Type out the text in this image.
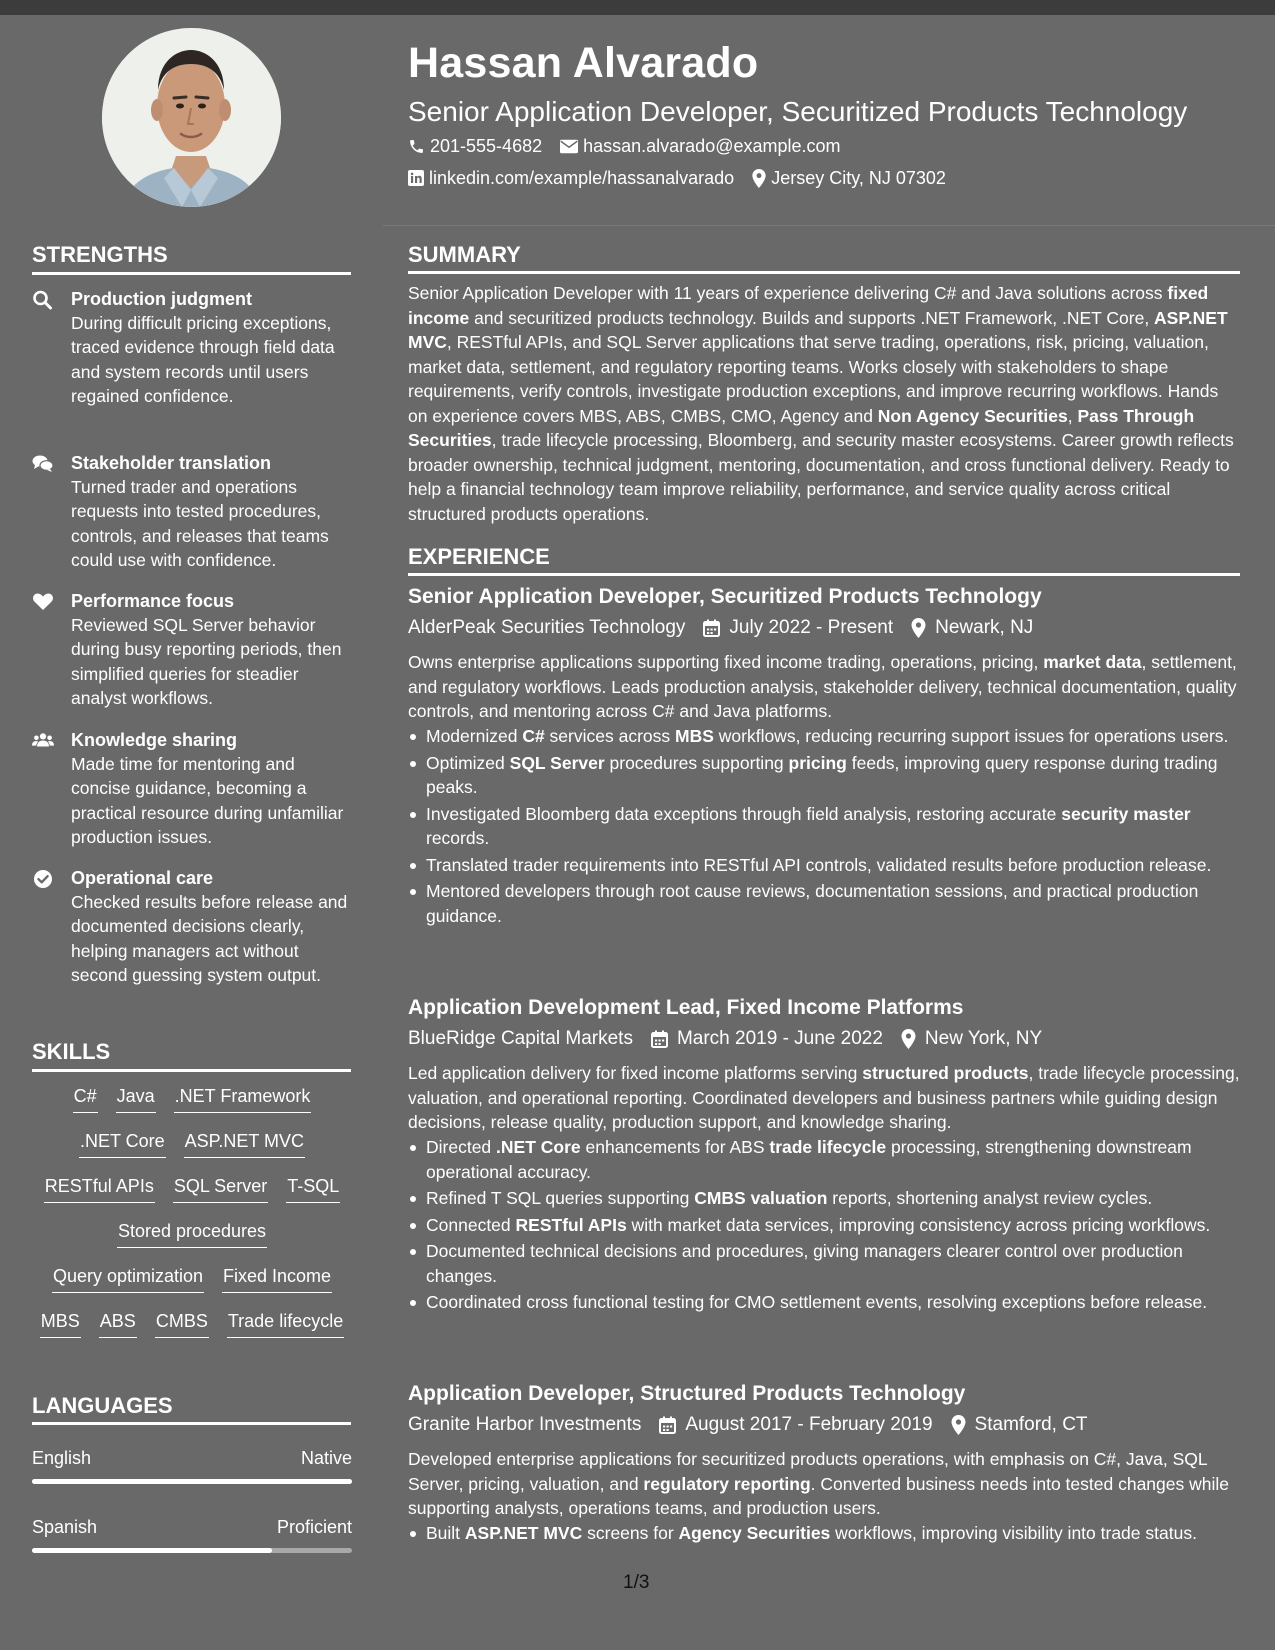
Hassan Alvarado
Senior Application Developer, Securitized Products Technology
201-555-4682 hassan.alvarado@example.com
linkedin.com/example/hassanalvarado Jersey City, NJ 07302
STRENGTHS
Production judgment
During difficult pricing exceptions, traced evidence through field data and system records until users regained confidence.
Stakeholder translation
Turned trader and operations requests into tested procedures, controls, and releases that teams could use with confidence.
Performance focus
Reviewed SQL Server behavior during busy reporting periods, then simplified queries for steadier analyst workflows.
Knowledge sharing
Made time for mentoring and concise guidance, becoming a practical resource during unfamiliar production issues.
Operational care
Checked results before release and documented decisions clearly, helping managers act without second guessing system output.
SKILLS
C# Java .NET Framework
.NET Core ASP.NET MVC
RESTful APIs SQL Server T-SQL
Stored procedures
Query optimization Fixed Income
MBS ABS CMBS Trade lifecycle
LANGUAGES
English	Native
Spanish	Proficient
SUMMARY
Senior Application Developer with 11 years of experience delivering C# and Java solutions across fixed income and securitized products technology. Builds and supports .NET Framework, .NET Core, ASP.NET MVC, RESTful APIs, and SQL Server applications that serve trading, operations, risk, pricing, valuation, market data, settlement, and regulatory reporting teams. Works closely with stakeholders to shape requirements, verify controls, investigate production exceptions, and improve recurring workflows. Hands on experience covers MBS, ABS, CMBS, CMO, Agency and Non Agency Securities, Pass Through Securities, trade lifecycle processing, Bloomberg, and security master ecosystems. Career growth reflects broader ownership, technical judgment, mentoring, documentation, and cross functional delivery. Ready to help a financial technology team improve reliability, performance, and service quality across critical structured products operations.
EXPERIENCE
Senior Application Developer, Securitized Products Technology
AlderPeak Securities Technology July 2022 - Present Newark, NJ
Owns enterprise applications supporting fixed income trading, operations, pricing, market data, settlement, and regulatory workflows. Leads production analysis, stakeholder delivery, technical documentation, quality controls, and mentoring across C# and Java platforms.
Modernized C# services across MBS workflows, reducing recurring support issues for operations users.
Optimized SQL Server procedures supporting pricing feeds, improving query response during trading peaks.
Investigated Bloomberg data exceptions through field analysis, restoring accurate security master records.
Translated trader requirements into RESTful API controls, validated results before production release.
Mentored developers through root cause reviews, documentation sessions, and practical production guidance.
Application Development Lead, Fixed Income Platforms
BlueRidge Capital Markets March 2019 - June 2022 New York, NY
Led application delivery for fixed income platforms serving structured products, trade lifecycle processing, valuation, and operational reporting. Coordinated developers and business partners while guiding design decisions, release quality, production support, and knowledge sharing.
Directed .NET Core enhancements for ABS trade lifecycle processing, strengthening downstream operational accuracy.
Refined T SQL queries supporting CMBS valuation reports, shortening analyst review cycles.
Connected RESTful APIs with market data services, improving consistency across pricing workflows.
Documented technical decisions and procedures, giving managers clearer control over production changes.
Coordinated cross functional testing for CMO settlement events, resolving exceptions before release.
Application Developer, Structured Products Technology
Granite Harbor Investments August 2017 - February 2019 Stamford, CT
Developed enterprise applications for securitized products operations, with emphasis on C#, Java, SQL Server, pricing, valuation, and regulatory reporting. Converted business needs into tested changes while supporting analysts, operations teams, and production users.
Built ASP.NET MVC screens for Agency Securities workflows, improving visibility into trade status.
1/3
